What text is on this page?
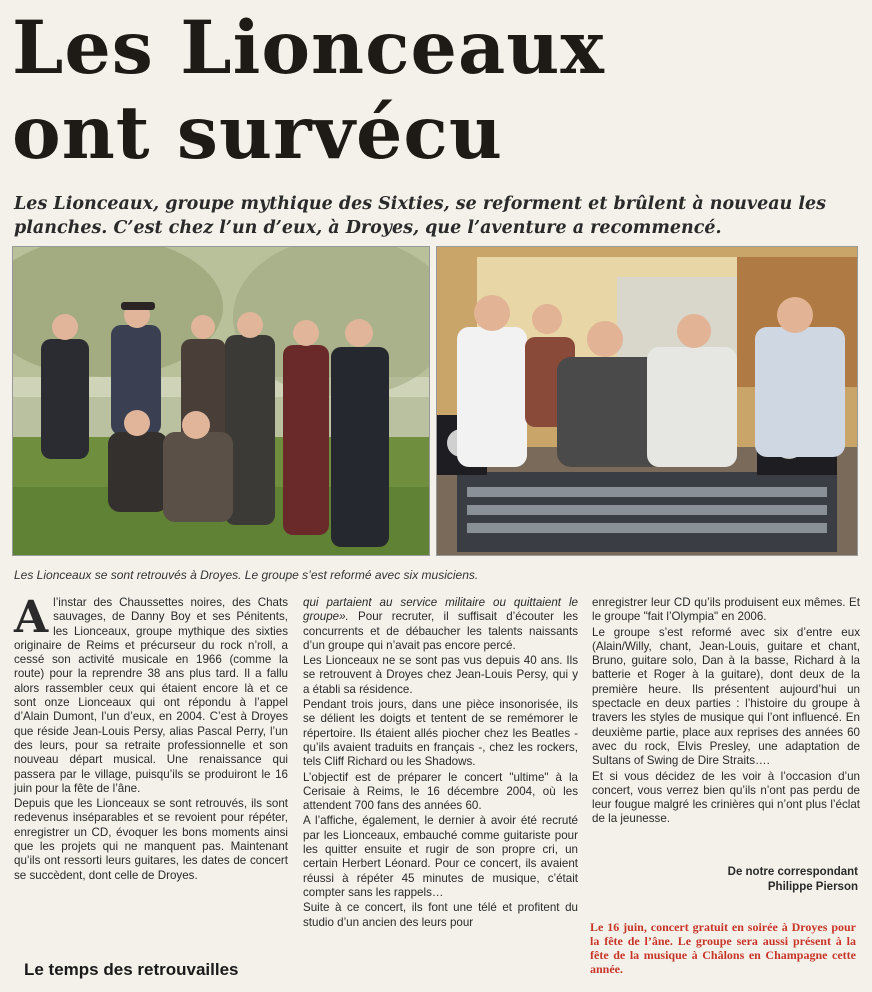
Les Lionceaux
ont survécu
Les Lionceaux, groupe mythique des Sixties, se reforment et brûlent à nouveau les planches. C’est chez l’un d’eux, à Droyes, que l’aventure a recommencé.
Les Lionceaux se sont retrouvés à Droyes. Le groupe s’est reformé avec six musiciens.

Al’instar des Chaussettes noires, des Chats sauvages, de Danny Boy et ses Pénitents, les Lionceaux, groupe mythique des sixties originaire de Reims et précurseur du rock n’roll, a cessé son activité musicale en 1966 (comme la route) pour la reprendre 38 ans plus tard. Il a fallu alors rassembler ceux qui étaient encore là et ce sont onze Lionceaux qui ont répondu à l’appel d’Alain Dumont, l’un d’eux, en 2004. C’est à Droyes que réside Jean-Louis Persy, alias Pascal Perry, l’un des leurs, pour sa retraite professionnelle et son nouveau départ musical. Une renaissance qui passera par le village, puisqu’ils se produiront le 16 juin pour la fête de l’âne.

Depuis que les Lionceaux se sont retrouvés, ils sont redevenus inséparables et se revoient pour répéter, enregistrer un CD, évoquer les bons moments ainsi que les projets qui ne manquent pas. Maintenant qu’ils ont ressorti leurs guitares, les dates de concert se succèdent, dont celle de Droyes.

Le temps des retrouvailles

qui partaient au service militaire ou quittaient le groupe». Pour recruter, il suffisait d’écouter les concurrents et de débaucher les talents naissants d’un groupe qui n’avait pas encore percé.

Les Lionceaux ne se sont pas vus depuis 40 ans. Ils se retrouvent à Droyes chez Jean-Louis Persy, qui y a établi sa résidence.

Pendant trois jours, dans une pièce insonorisée, ils se délient les doigts et tentent de se remémorer le répertoire. Ils étaient allés piocher chez les Beatles - qu’ils avaient traduits en français -, chez les rockers, tels Cliff Richard ou les Shadows.

L’objectif est de préparer le concert "ultime" à la Cerisaie à Reims, le 16 décembre 2004, où les attendent 700 fans des années 60.

A l’affiche, également, le dernier à avoir été recruté par les Lionceaux, embauché comme guitariste pour les quitter ensuite et rugir de son propre cri, un certain Herbert Léonard. Pour ce concert, ils avaient réussi à répéter 45 minutes de musique, c’était compter sans les rappels…

Suite à ce concert, ils font une télé et profitent du studio d’un ancien des leurs pour

enregistrer leur CD qu’ils produisent eux mêmes. Et le groupe "fait l’Olympia" en 2006.

Le groupe s’est reformé avec six d’entre eux (Alain/Willy, chant, Jean-Louis, guitare et chant, Bruno, guitare solo, Dan à la basse, Richard à la batterie et Roger à la guitare), dont deux de la première heure. Ils présentent aujourd’hui un spectacle en deux parties : l’histoire du groupe à travers les styles de musique qui l’ont influencé. En deuxième partie, place aux reprises des années 60 avec du rock, Elvis Presley, une adaptation de Sultans of Swing de Dire Straits….

Et si vous décidez de les voir à l’occasion d’un concert, vous verrez bien qu’ils n’ont pas perdu de leur fougue malgré les crinières qui n’ont plus l’éclat de la jeunesse.

De notre correspondant
Philippe Pierson
Le 16 juin, concert gratuit en soirée à Droyes pour la fête de l’âne. Le groupe sera aussi présent à la fête de la musique à Châlons en Champagne cette année.
